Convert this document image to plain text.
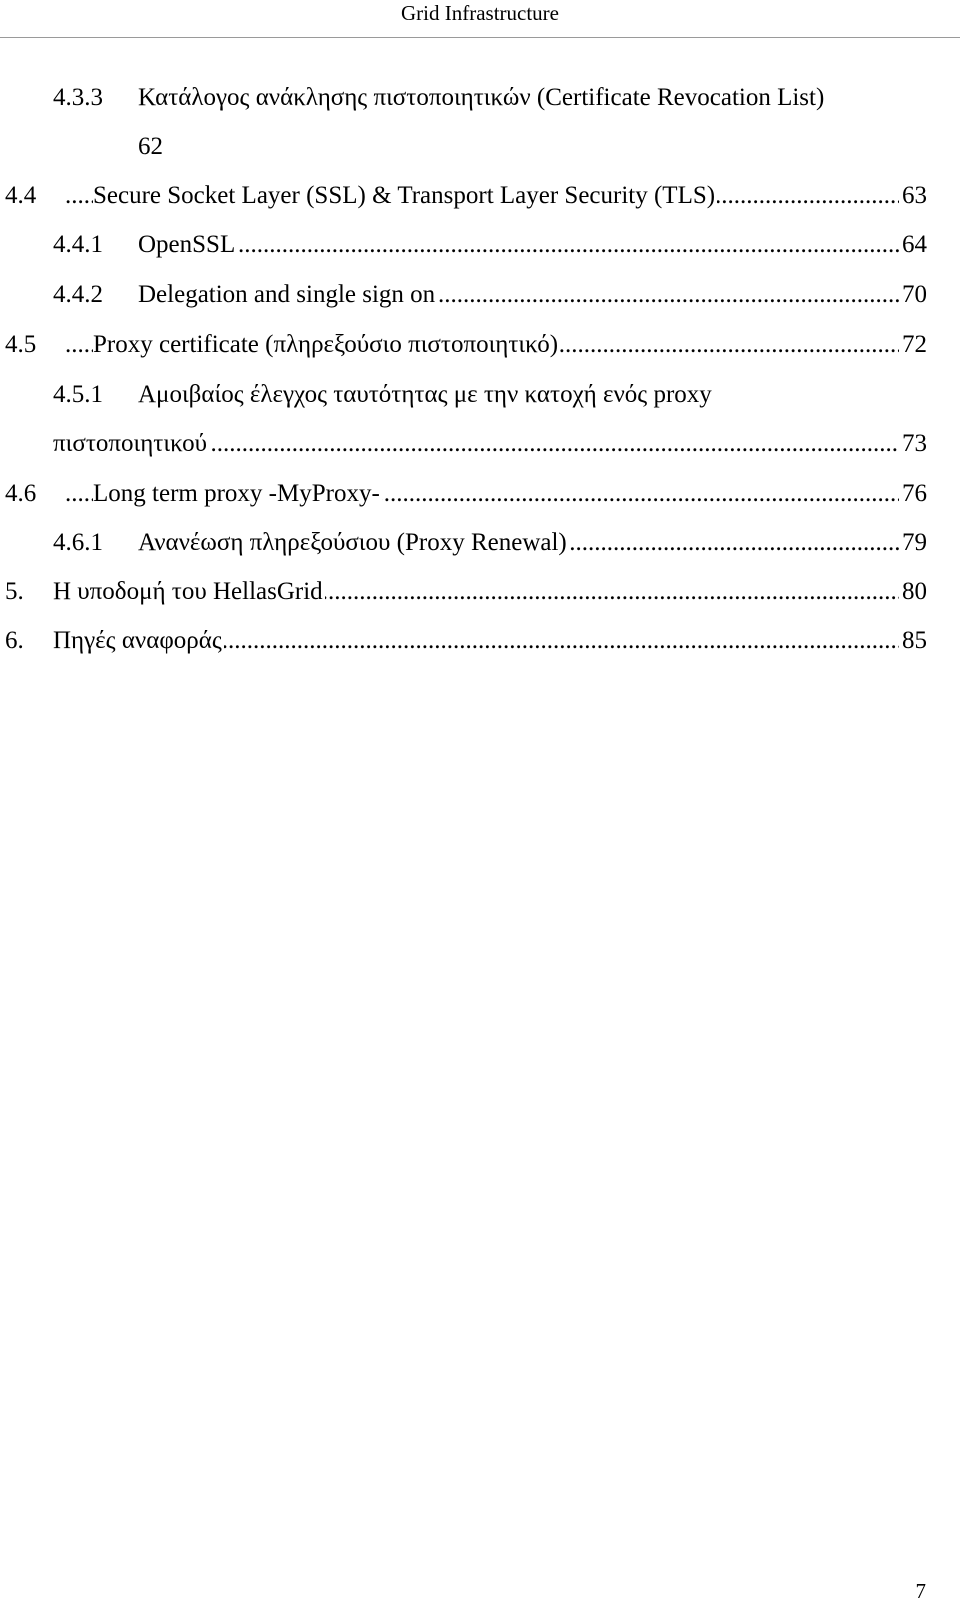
Grid Infrastructure
4.3.3 Κατάλογος ανάκλησης πιστοποιητικών (Certificate Revocation List)
62
4.4 ..... Secure Socket Layer (SSL) & Transport Layer Security (TLS)	63
4.4.1 ..... OpenSSL	64
4.4.2 ..... Delegation and single sign on	70
4.5 ..... Proxy certificate (πληρεξούσιο πιστοποιητικό)	72
4.5.1 Αμοιβαίος έλεγχος ταυτότητας με την κατοχή ενός proxy
.....
πιστοποιητικού	73
4.6 ..... Long term proxy -MyProxy-	76
4.6.1 ..... Ανανέωση πληρεξούσιου (Proxy Renewal)	79
5. ..... Η υποδομή του HellasGrid	80
6. ..... Πηγές αναφοράς	85
7
